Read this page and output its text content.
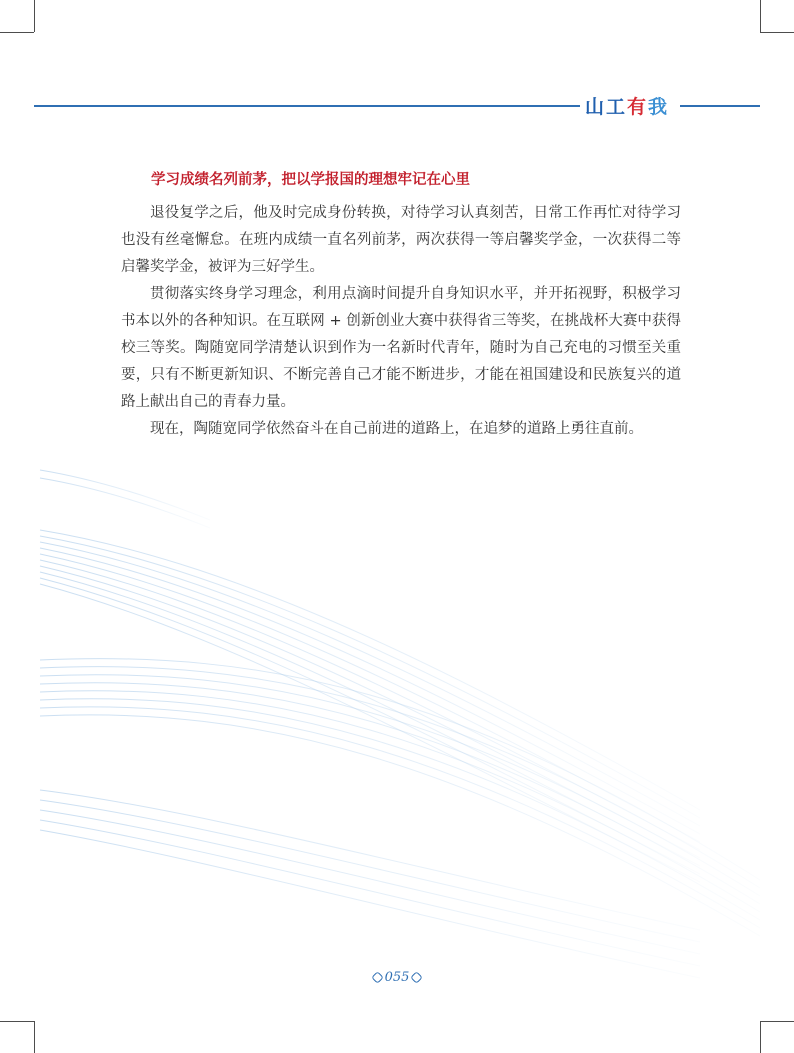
山 工 有 我

学习成绩名列前茅，把以学报国的理想牢记在心里

退役复学之后，他及时完成身份转换，对待学习认真刻苦，日常工作再忙对待学习也没有丝毫懈怠。在班内成绩一直名列前茅，两次获得一等启馨奖学金，一次获得二等启馨奖学金，被评为三好学生。

贯彻落实终身学习理念，利用点滴时间提升自身知识水平，并开拓视野，积极学习书本以外的各种知识。在互联网 + 创新创业大赛中获得省三等奖，在挑战杯大赛中获得校三等奖。陶随宽同学清楚认识到作为一名新时代青年，随时为自己充电的习惯至关重要，只有不断更新知识、不断完善自己才能不断进步，才能在祖国建设和民族复兴的道路上献出自己的青春力量。

现在，陶随宽同学依然奋斗在自己前进的道路上，在追梦的道路上勇往直前。

055
